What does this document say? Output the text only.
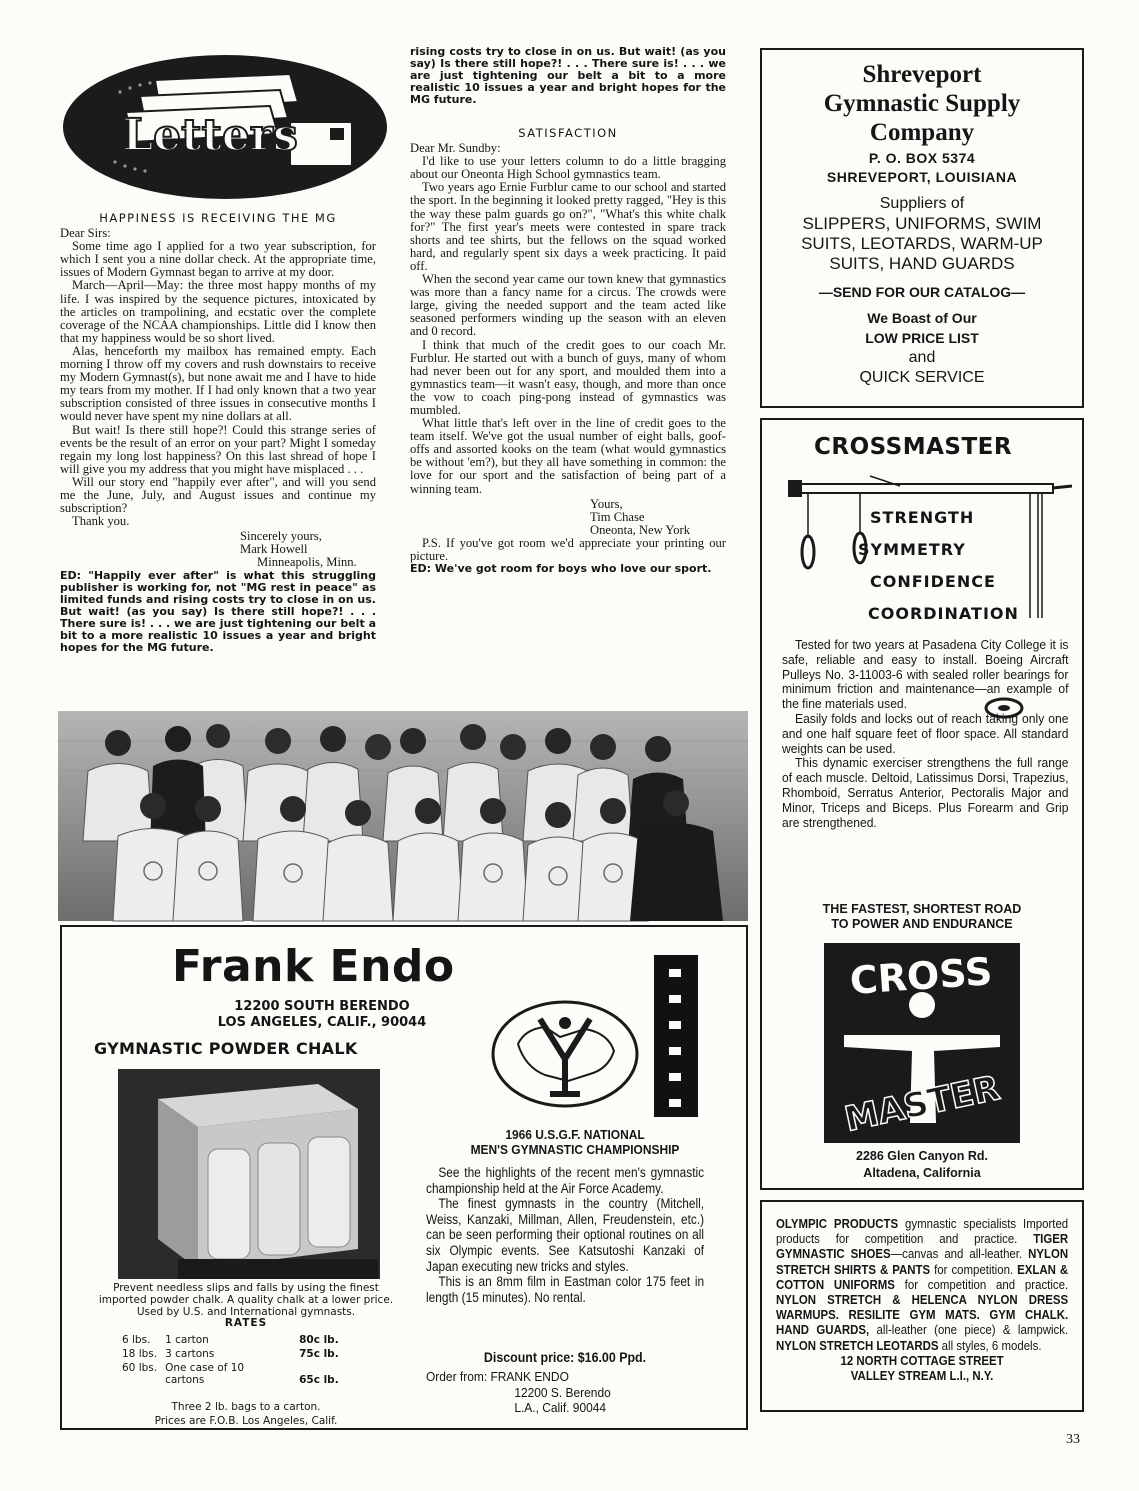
Letters
HAPPINESS IS RECEIVING THE MG

Dear Sirs:

Some time ago I applied for a two year subscription, for which I sent you a nine dollar check. At the appropriate time, issues of Modern Gymnast began to arrive at my door.

March—April—May: the three most happy months of my life. I was inspired by the sequence pictures, intoxicated by the articles on trampolining, and ecstatic over the complete coverage of the NCAA championships. Little did I know then that my happiness would be so short lived.

Alas, henceforth my mailbox has remained empty. Each morning I throw off my covers and rush downstairs to receive my Modern Gymnast(s), but none await me and I have to hide my tears from my mother. If I had only known that a two year subscription consisted of three issues in consecutive months I would never have spent my nine dollars at all.

But wait! Is there still hope?! Could this strange series of events be the result of an error on your part? Might I someday regain my long lost happiness? On this last shread of hope I will give you my address that you might have misplaced . . .

Will our story end "happily ever after", and will you send me the June, July, and August issues and continue my subscription?

Thank you.

Sincerely yours,

Mark Howell

Minneapolis, Minn.

ED: "Happily ever after" is what this struggling publisher is working for, not "MG rest in peace" as limited funds and rising costs try to close in on us. But wait! (as you say) Is there still hope?! . . . There sure is! . . . we are just tightening our belt a bit to a more realistic 10 issues a year and bright hopes for the MG future.
SATISFACTION

Dear Mr. Sundby:

I'd like to use your letters column to do a little bragging about our Oneonta High School gymnastics team.

Two years ago Ernie Furblur came to our school and started the sport. In the beginning it looked pretty ragged, "Hey is this the way these palm guards go on?", "What's this white chalk for?" The first year's meets were contested in spare track shorts and tee shirts, but the fellows on the squad worked hard, and regularly spent six days a week practicing. It paid off.

When the second year came our town knew that gymnastics was more than a fancy name for a circus. The crowds were large, giving the needed support and the team acted like seasoned performers winding up the season with an eleven and 0 record.

I think that much of the credit goes to our coach Mr. Furblur. He started out with a bunch of guys, many of whom had never been out for any sport, and moulded them into a gymnastics team—it wasn't easy, though, and more than once the vow to coach ping-pong instead of gymnastics was mumbled.

What little that's left over in the line of credit goes to the team itself. We've got the usual number of eight balls, goof-offs and assorted kooks on the team (what would gymnastics be without 'em?), but they all have something in common: the love for our sport and the satisfaction of being part of a winning team.

Yours,

Tim Chase

Oneonta, New York

P.S. If you've got room we'd appreciate your printing our picture.

ED: We've got room for boys who love our sport.
rising costs try to close in on us. But wait! (as you say) Is there still hope?! . . . There sure is! . . . we are just tightening our belt a bit to a more realistic 10 issues a year and bright hopes for the MG future.
Frank Endo
12200 SOUTH BERENDO
LOS ANGELES, CALIF., 90044
GYMNASTIC POWDER CHALK
Prevent needless slips and falls by using the finest imported powder chalk. A quality chalk at a lower price. Used by U.S. and International gymnasts.
RATES
6 lbs.	1 carton	80c lb.
18 lbs.	3 cartons	75c lb.
60 lbs.	One case of 10 cartons	65c lb.
Three 2 lb. bags to a carton.
Prices are F.O.B. Los Angeles, Calif.
1966 U.S.G.F. NATIONAL
MEN'S GYMNASTIC CHAMPIONSHIP

See the highlights of the recent men's gymnastic championship held at the Air Force Academy.

The finest gymnasts in the country (Mitchell, Weiss, Kanzaki, Millman, Allen, Freudenstein, etc.) can be seen performing their optional routines on all six Olympic events. See Katsutoshi Kanzaki of Japan executing new tricks and styles.

This is an 8mm film in Eastman color 175 feet in length (15 minutes). No rental.

Discount price: $16.00 Ppd.
Order from: FRANK ENDO
12200 S. Berendo
L.A., Calif. 90044
Shreveport
Gymnastic Supply
Company
P. O. BOX 5374
SHREVEPORT, LOUISIANA
Suppliers of
SLIPPERS, UNIFORMS, SWIM
SUITS, LEOTARDS, WARM-UP
SUITS, HAND GUARDS
—SEND FOR OUR CATALOG—
We Boast of Our
LOW PRICE LIST
and
QUICK SERVICE
CROSSMASTER
STRENGTH
SYMMETRY
CONFIDENCE
COORDINATION

Tested for two years at Pasadena City College it is safe, reliable and easy to install. Boeing Aircraft Pulleys No. 3-11003-6 with sealed roller bearings for minimum friction and maintenance—an example of the fine materials used.

Easily folds and locks out of reach taking only one and one half square feet of floor space. All standard weights can be used.

This dynamic exerciser strengthens the full range of each muscle. Deltoid, Latissimus Dorsi, Trapezius, Rhomboid, Serratus Anterior, Pectoralis Major and Minor, Triceps and Biceps. Plus Forearm and Grip are strengthened.

THE FASTEST, SHORTEST ROAD
TO POWER AND ENDURANCE
CROSS
MASTER
2286 Glen Canyon Rd.
Altadena, California
OLYMPIC PRODUCTS gymnastic specialists Imported products for competition and practice. TIGER GYMNASTIC SHOES—canvas and all-leather. NYLON STRETCH SHIRTS & PANTS for competition. EXLAN & COTTON UNIFORMS for competition and practice. NYLON STRETCH & HELENCA NYLON DRESS WARMUPS. RESILITE GYM MATS. GYM CHALK. HAND GUARDS, all-leather (one piece) & lampwick. NYLON STRETCH LEOTARDS all styles, 6 models.
12 NORTH COTTAGE STREET
VALLEY STREAM L.I., N.Y.
33
